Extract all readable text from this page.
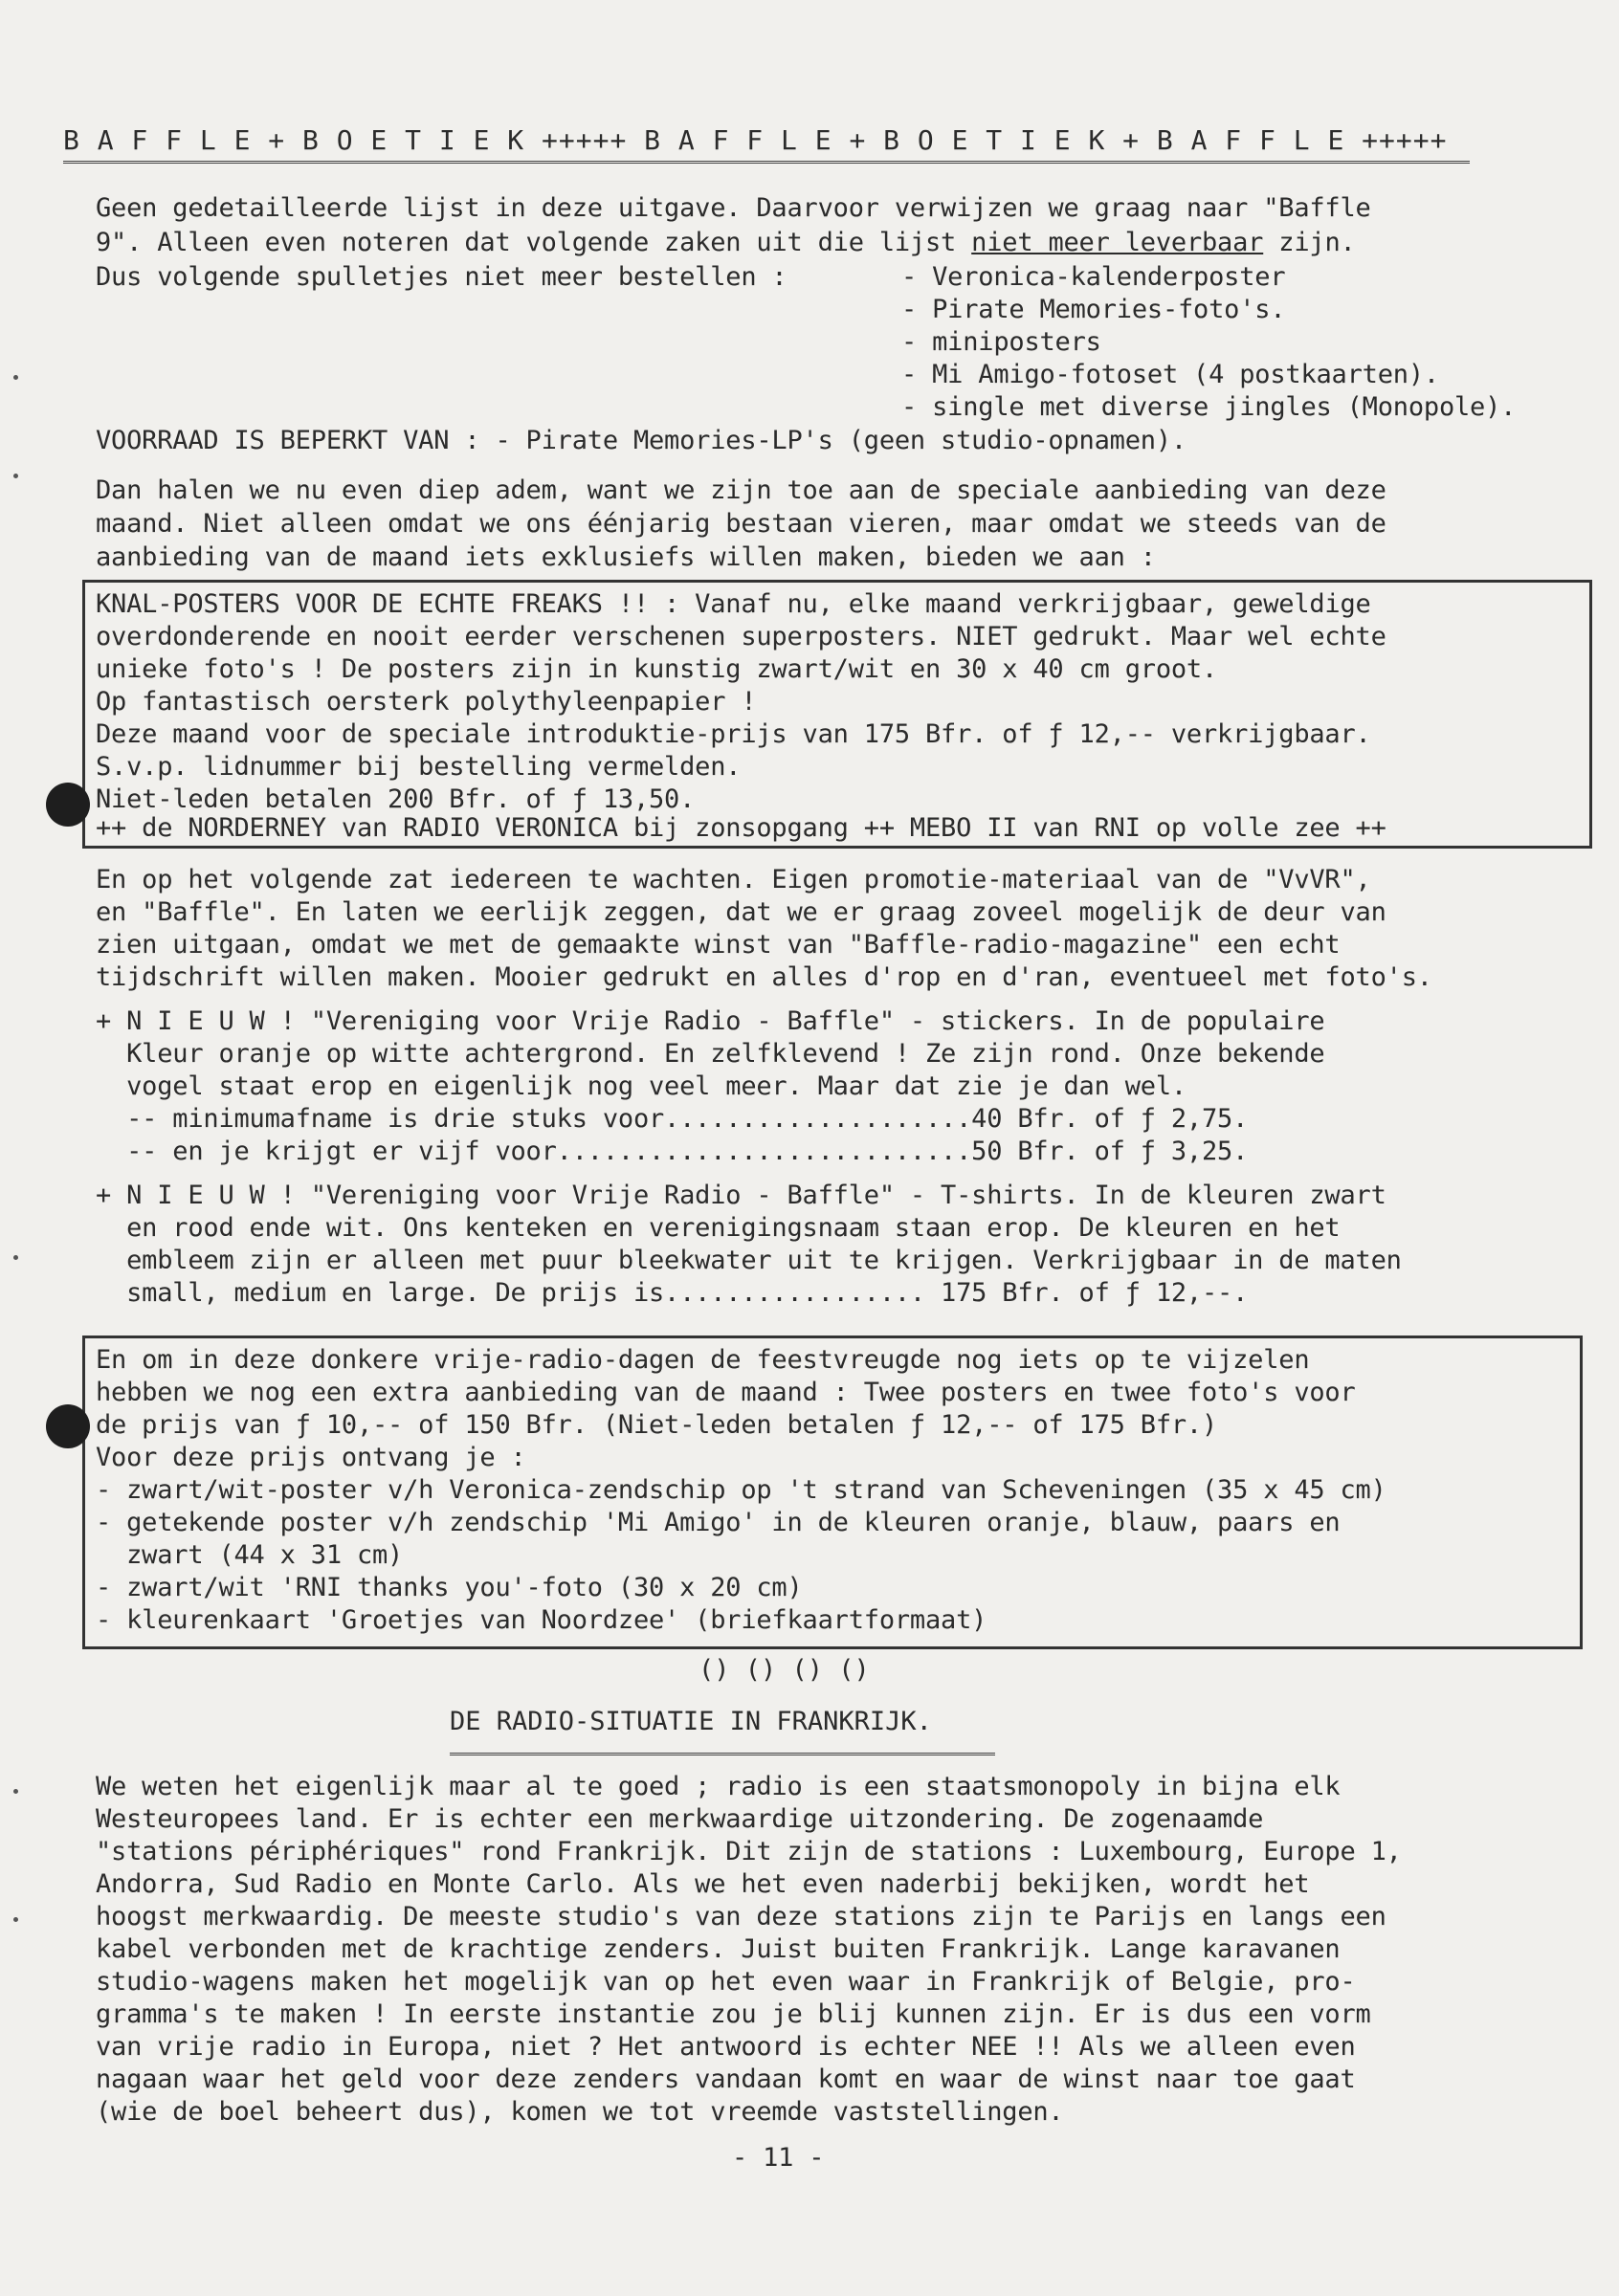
B A F F L E + B O E T I E K +++++ B A F F L E + B O E T I E K + B A F F L E +++++
Geen gedetailleerde lijst in deze uitgave. Daarvoor verwijzen we graag naar "Baffle
9". Alleen even noteren dat volgende zaken uit die lijst niet meer leverbaar zijn.
Dus volgende spulletjes niet meer bestellen :	- Veronica-kalenderposter
- Pirate Memories-foto's.
- miniposters
- Mi Amigo-fotoset (4 postkaarten).
- single met diverse jingles (Monopole).
VOORRAAD IS BEPERKT VAN : - Pirate Memories-LP's (geen studio-opnamen).
Dan halen we nu even diep adem, want we zijn toe aan de speciale aanbieding van deze
maand. Niet alleen omdat we ons éénjarig bestaan vieren, maar omdat we steeds van de
aanbieding van de maand iets exklusiefs willen maken, bieden we aan :
KNAL-POSTERS VOOR DE ECHTE FREAKS !! : Vanaf nu, elke maand verkrijgbaar, geweldige
overdonderende en nooit eerder verschenen superposters. NIET gedrukt. Maar wel echte
unieke foto's ! De posters zijn in kunstig zwart/wit en 30 x 40 cm groot.
Op fantastisch oersterk polythyleenpapier !
Deze maand voor de speciale introduktie-prijs van 175 Bfr. of ƒ 12,-- verkrijgbaar.
S.v.p. lidnummer bij bestelling vermelden.
Niet-leden betalen 200 Bfr. of ƒ 13,50.
++ de NORDERNEY van RADIO VERONICA bij zonsopgang ++ MEBO II van RNI op volle zee ++
En op het volgende zat iedereen te wachten. Eigen promotie-materiaal van de "VvVR",
en "Baffle". En laten we eerlijk zeggen, dat we er graag zoveel mogelijk de deur van
zien uitgaan, omdat we met de gemaakte winst van "Baffle-radio-magazine" een echt
tijdschrift willen maken. Mooier gedrukt en alles d'rop en d'ran, eventueel met foto's.
+ N I E U W ! "Vereniging voor Vrije Radio - Baffle" - stickers. In de populaire
Kleur oranje op witte achtergrond. En zelfklevend ! Ze zijn rond. Onze bekende
vogel staat erop en eigenlijk nog veel meer. Maar dat zie je dan wel.
-- minimumafname is drie stuks voor....................40 Bfr. of ƒ 2,75.
-- en je krijgt er vijf voor...........................50 Bfr. of ƒ 3,25.
+ N I E U W ! "Vereniging voor Vrije Radio - Baffle" - T-shirts. In de kleuren zwart
en rood ende wit. Ons kenteken en verenigingsnaam staan erop. De kleuren en het
embleem zijn er alleen met puur bleekwater uit te krijgen. Verkrijgbaar in de maten
small, medium en large. De prijs is................. 175 Bfr. of ƒ 12,--.
En om in deze donkere vrije-radio-dagen de feestvreugde nog iets op te vijzelen
hebben we nog een extra aanbieding van de maand : Twee posters en twee foto's voor
de prijs van ƒ 10,-- of 150 Bfr. (Niet-leden betalen ƒ 12,-- of 175 Bfr.)
Voor deze prijs ontvang je :
- zwart/wit-poster v/h Veronica-zendschip op 't strand van Scheveningen (35 x 45 cm)
- getekende poster v/h zendschip 'Mi Amigo' in de kleuren oranje, blauw, paars en
zwart (44 x 31 cm)
- zwart/wit 'RNI thanks you'-foto (30 x 20 cm)
- kleurenkaart 'Groetjes van Noordzee' (briefkaartformaat)
() () () ()
DE RADIO-SITUATIE IN FRANKRIJK.
We weten het eigenlijk maar al te goed ; radio is een staatsmonopoly in bijna elk
Westeuropees land. Er is echter een merkwaardige uitzondering. De zogenaamde
"stations périphériques" rond Frankrijk. Dit zijn de stations : Luxembourg, Europe 1,
Andorra, Sud Radio en Monte Carlo. Als we het even naderbij bekijken, wordt het
hoogst merkwaardig. De meeste studio's van deze stations zijn te Parijs en langs een
kabel verbonden met de krachtige zenders. Juist buiten Frankrijk. Lange karavanen
studio-wagens maken het mogelijk van op het even waar in Frankrijk of Belgie, pro-
gramma's te maken ! In eerste instantie zou je blij kunnen zijn. Er is dus een vorm
van vrije radio in Europa, niet ? Het antwoord is echter NEE !! Als we alleen even
nagaan waar het geld voor deze zenders vandaan komt en waar de winst naar toe gaat
(wie de boel beheert dus), komen we tot vreemde vaststellingen.
- 11 -
